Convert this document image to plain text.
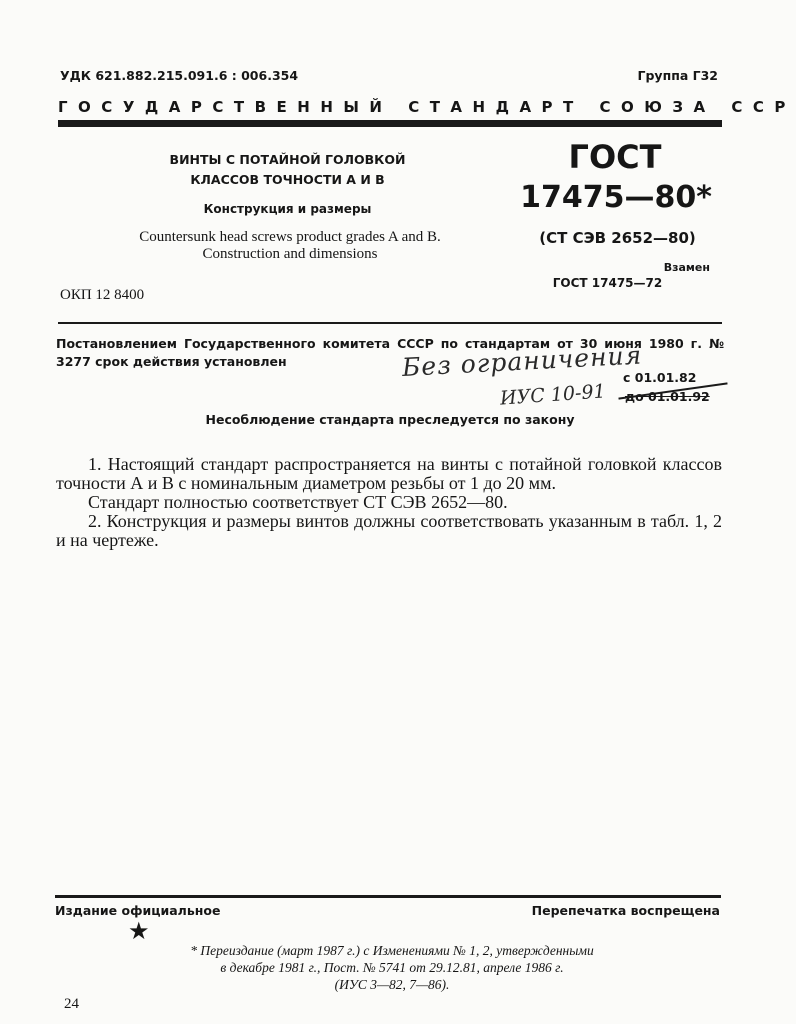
УДК 621.882.215.091.6 : 006.354	Группа Г32
ГОСУДАРСТВЕННЫЙ СТАНДАРТ СОЮЗА ССР
ВИНТЫ С ПОТАЙНОЙ ГОЛОВКОЙ
КЛАССОВ ТОЧНОСТИ А И В
Конструкция и размеры
Countersunk head screws product grades A and B.
Construction and dimensions
ОКП 12 8400
ГОСТ
17475—80*
(СТ СЭВ 2652—80)
Взамен
ГОСТ 17475—72
Постановлением Государственного комитета СССР по стандартам от 30 июня 1980 г. № 3277 срок действия установлен	Без ограничения
ИУС 10-91
с 01.01.82
до 01.01.92
Несоблюдение стандарта преследуется по закону

1. Настоящий стандарт распространяется на винты с потайной головкой классов точности А и В с номинальным диаметром резьбы от 1 до 20 мм.

Стандарт полностью соответствует СТ СЭВ 2652—80.

2. Конструкция и размеры винтов должны соответствовать указанным в табл. 1, 2 и на чертеже.

Издание официальное	Перепечатка воспрещена
★
* Переиздание (март 1987 г.) с Изменениями № 1, 2, утвержденными
в декабре 1981 г., Пост. № 5741 от 29.12.81, апреле 1986 г.
(ИУС 3—82, 7—86).
24
